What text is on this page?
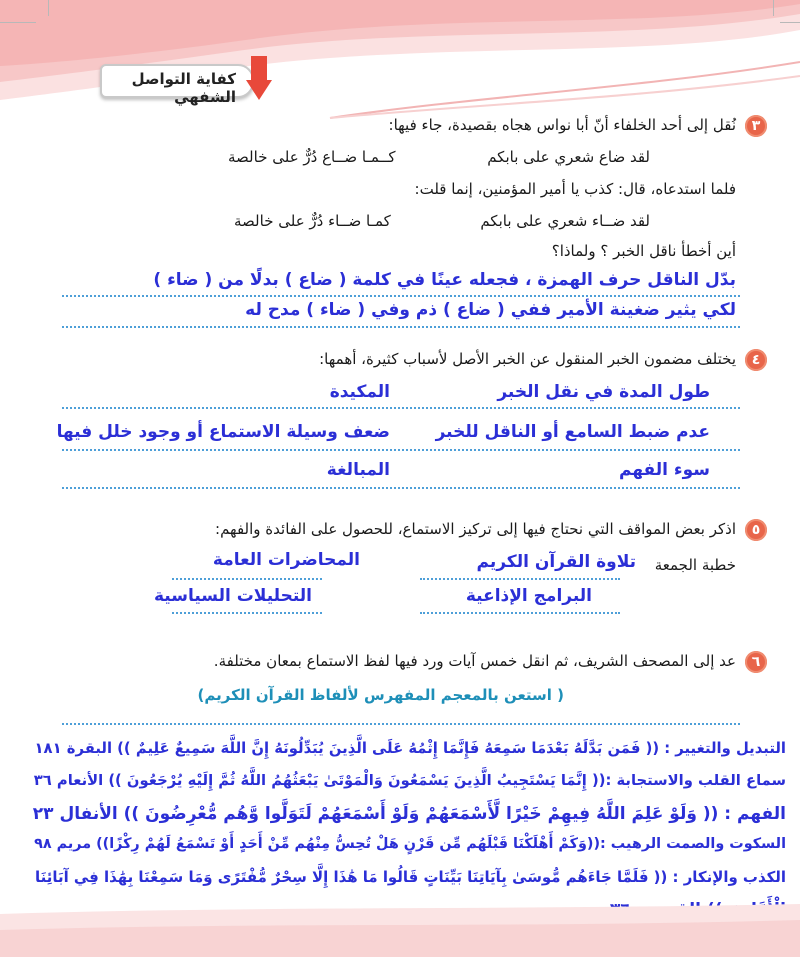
كفاية التواصل الشفهي
٣
نُقل إلى أحد الخلفاء أنّ أبا نواس هجاه بقصيدة، جاء فيها:
لقد ضاع شعري على بابكم
كــمـا ضــاع دُرٌّ على خالصة
فلما استدعاه، قال: كذب يا أمير المؤمنين، إنما قلت:
لقد ضــاء شعري على بابكم
كمـا ضــاء دُرٌّ على خالصة
أين أخطأ ناقل الخبر ؟ ولماذا؟
بدّل الناقل حرف الهمزة ، فجعله عينًا في كلمة ( ضاع ) بدلًا من ( ضاء )
لكي يثير ضغينة الأمير ففي ( ضاع ) ذم وفي ( ضاء ) مدح له
٤
يختلف مضمون الخبر المنقول عن الخبر الأصل لأسباب كثيرة، أهمها:
طول المدة في نقل الخبر
المكيدة
عدم ضبط السامع أو الناقل للخبر
ضعف وسيلة الاستماع أو وجود خلل فيها
سوء الفهم
المبالغة
٥
اذكر بعض المواقف التي نحتاج فيها إلى تركيز الاستماع، للحصول على الفائدة والفهم:
خطبة الجمعة
تلاوة القرآن الكريم
المحاضرات العامة
البرامج الإذاعية
التحليلات السياسية
٦
عد إلى المصحف الشريف، ثم انقل خمس آيات ورد فيها لفظ الاستماع بمعان مختلفة.
( استعن بالمعجم المفهرس لألفاظ القرآن الكريم)
التبديل والتغيير : (( فَمَن بَدَّلَهُ بَعْدَمَا سَمِعَهُ فَإِنَّمَا إِثْمُهُ عَلَى الَّذِينَ يُبَدِّلُونَهُ إِنَّ اللَّهَ سَمِيعٌ عَلِيمٌ )) البقرة ١٨١
سماع القلب والاستجابة :(( إِنَّمَا يَسْتَجِيبُ الَّذِينَ يَسْمَعُونَ وَالْمَوْتَىٰ يَبْعَثُهُمُ اللَّهُ ثُمَّ إِلَيْهِ يُرْجَعُونَ )) الأنعام ٣٦
الفهم : (( وَلَوْ عَلِمَ اللَّهُ فِيهِمْ خَيْرًا لَّأَسْمَعَهُمْ وَلَوْ أَسْمَعَهُمْ لَتَوَلَّوا وَّهُم مُّعْرِضُونَ )) الأنفال ٢٣
السكوت والصمت الرهيب :((وَكَمْ أَهْلَكْنَا قَبْلَهُم مِّن قَرْنٍ هَلْ تُحِسُّ مِنْهُم مِّنْ أَحَدٍ أَوْ تَسْمَعُ لَهُمْ رِكْزًا)) مريم ٩٨
الكذب والإنكار : (( فَلَمَّا جَاءَهُم مُّوسَىٰ بِآيَاتِنَا بَيِّنَاتٍ قَالُوا مَا هَٰذَا إِلَّا سِحْرٌ مُّفْتَرًى وَمَا سَمِعْنَا بِهَٰذَا فِي آبَائِنَا
